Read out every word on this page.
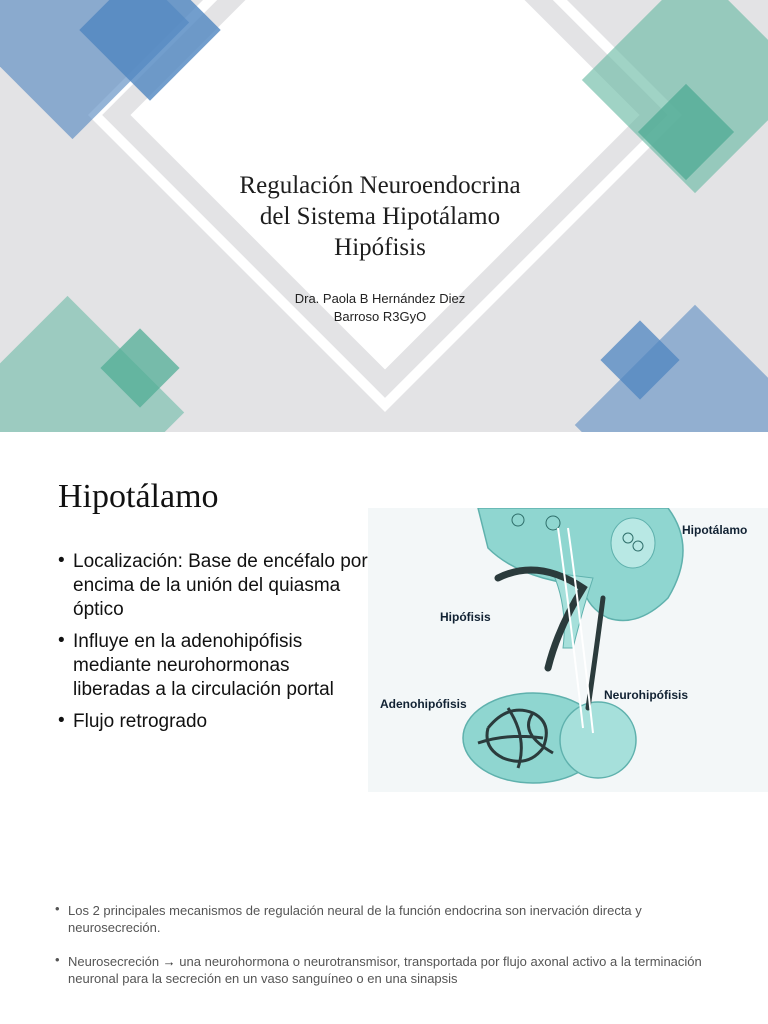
Regulación Neuroendocrina
del Sistema Hipotálamo
Hipófisis
Dra. Paola B Hernández Diez
Barroso R3GyO
Hipotálamo
• Localización: Base de encéfalo por encima de la unión del quiasma óptico
• Influye en la adenohipófisis mediante neurohormonas liberadas a la circulación portal
• Flujo retrogrado
Hipotálamo
Hipófisis
Adenohipófisis
Neurohipófisis
• Los 2 principales mecanismos de regulación neural de la función endocrina son inervación directa y neurosecreción.
• Neurosecreción → una neurohormona o neurotransmisor, transportada por flujo axonal activo a la terminación neuronal para la secreción en un vaso sanguíneo o en una sinapsis
